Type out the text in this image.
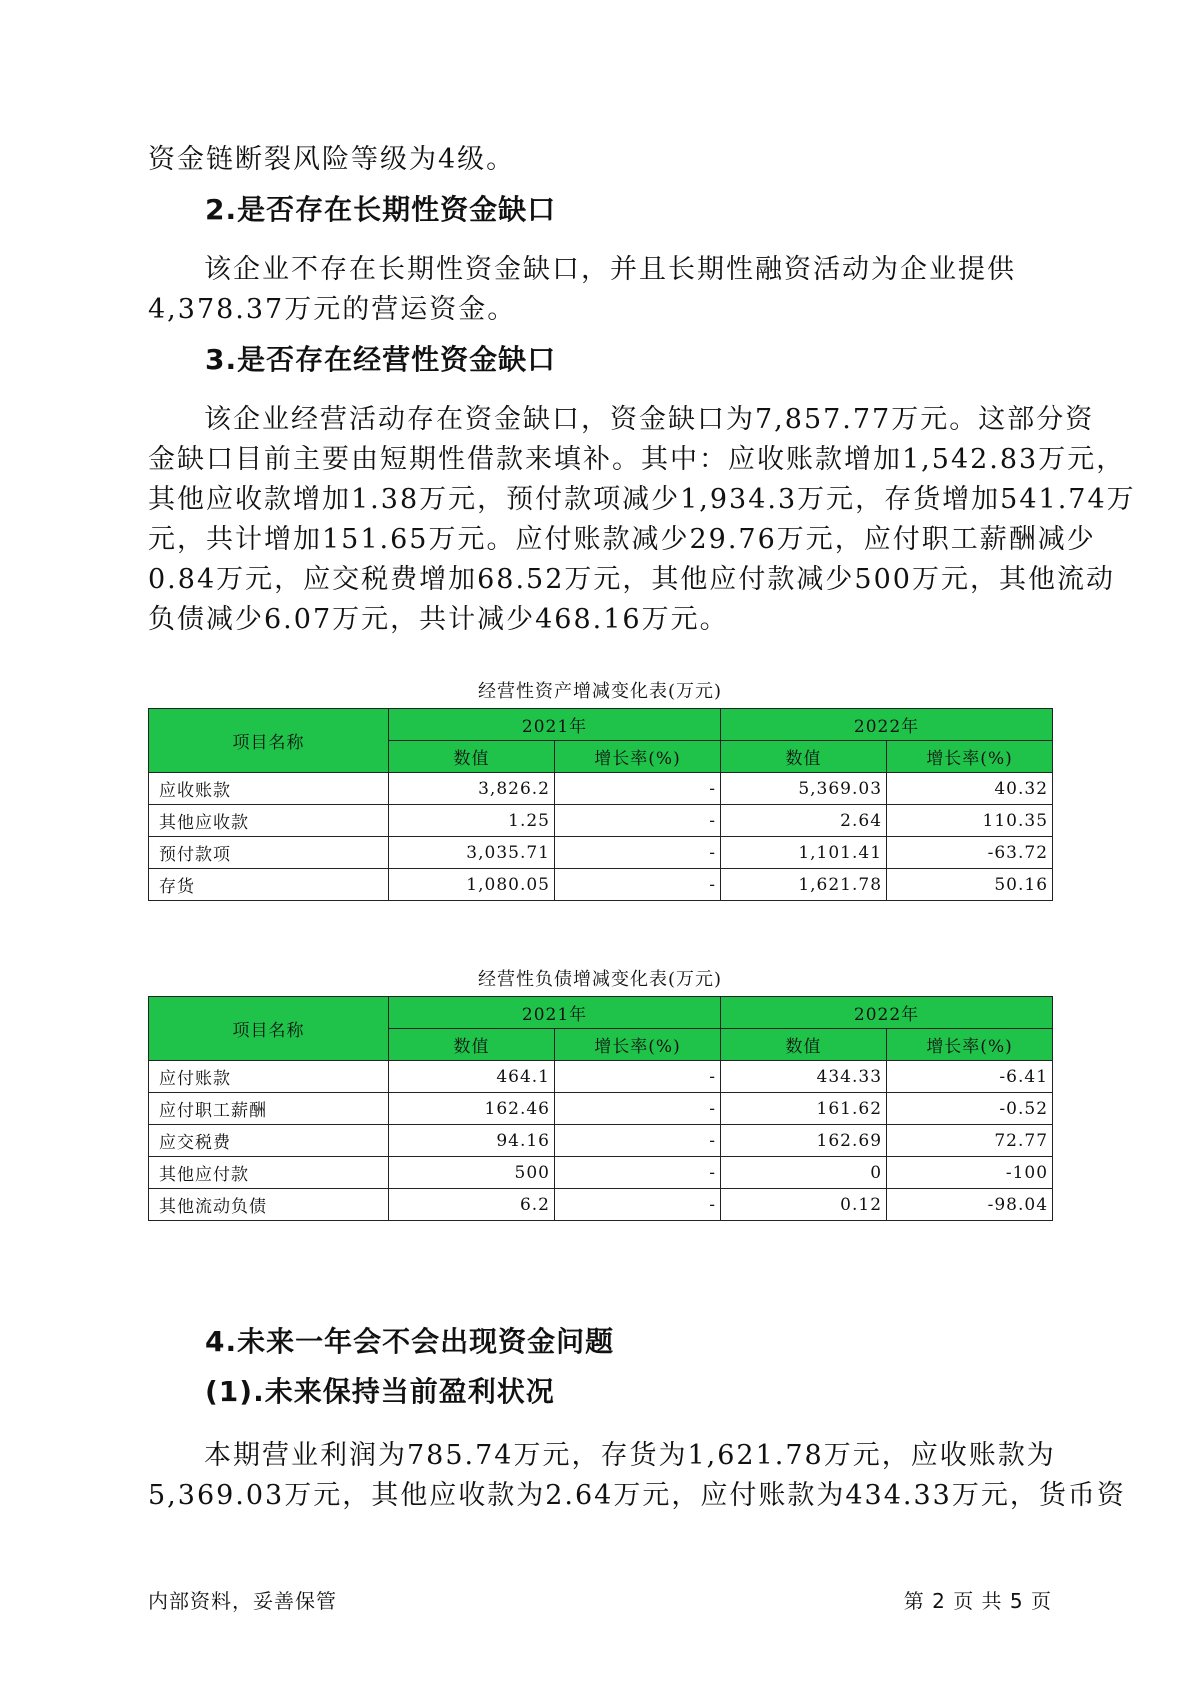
资金链断裂风险等级为4级。

2.是否存在长期性资金缺口

该企业不存在长期性资金缺口，并且长期性融资活动为企业提供
4,378.37万元的营运资金。

3.是否存在经营性资金缺口

该企业经营活动存在资金缺口，资金缺口为7,857.77万元。这部分资
金缺口目前主要由短期性借款来填补。其中：应收账款增加1,542.83万元，
其他应收款增加1.38万元，预付款项减少1,934.3万元，存货增加541.74万
元，共计增加151.65万元。应付账款减少29.76万元，应付职工薪酬减少
0.84万元，应交税费增加68.52万元，其他应付款减少500万元，其他流动
负债减少6.07万元，共计减少468.16万元。

经营性资产增减变化表(万元)

项目名称	2021年		2022年	
	数值	增长率(%)	数值	增长率(%)
应收账款	3,826.2	-	5,369.03	40.32
其他应收款	1.25	-	2.64	110.35
预付款项	3,035.71	-	1,101.41	-63.72
存货	1,080.05	-	1,621.78	50.16

经营性负债增减变化表(万元)

项目名称	2021年		2022年	
	数值	增长率(%)	数值	增长率(%)
应付账款	464.1	-	434.33	-6.41
应付职工薪酬	162.46	-	161.62	-0.52
应交税费	94.16	-	162.69	72.77
其他应付款	500	-	0	-100
其他流动负债	6.2	-	0.12	-98.04
4.未来一年会不会出现资金问题
(1).未来保持当前盈利状况

本期营业利润为785.74万元，存货为1,621.78万元，应收账款为
5,369.03万元，其他应收款为2.64万元，应付账款为434.33万元，货币资

内部资料，妥善保管	第 2 页 共 5 页
